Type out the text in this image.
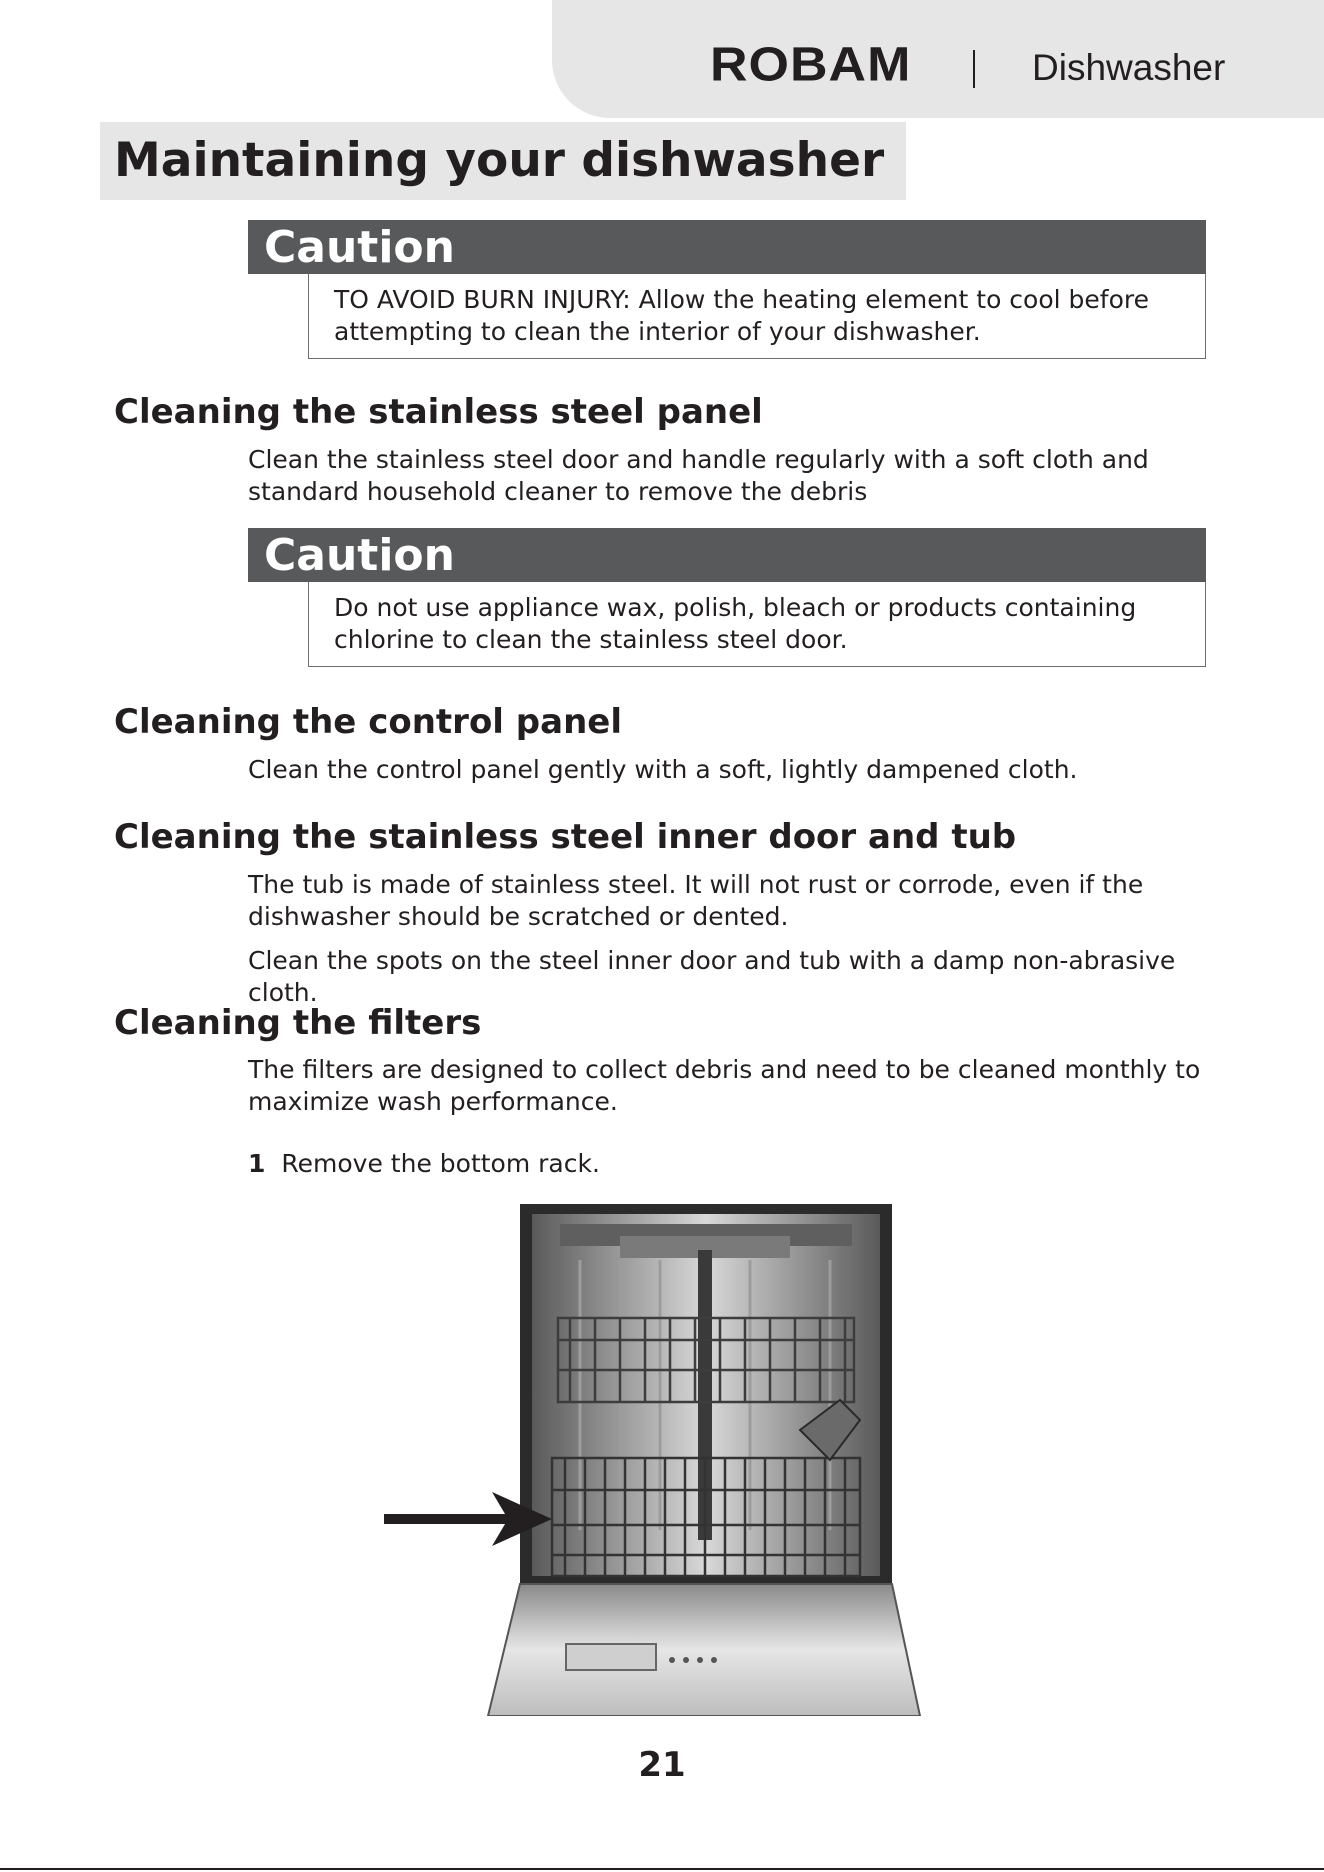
ROBAM	Dishwasher
Maintaining your dishwasher
Caution
TO AVOID BURN INJURY: Allow the heating element to cool before
attempting to clean the interior of your dishwasher.
Cleaning the stainless steel panel
Clean the stainless steel door and handle regularly with a soft cloth and
standard household cleaner to remove the debris
Caution
Do not use appliance wax, polish, bleach or products containing
chlorine to clean the stainless steel door.
Cleaning the control panel
Clean the control panel gently with a soft, lightly dampened cloth.
Cleaning the stainless steel inner door and tub
The tub is made of stainless steel. It will not rust or corrode, even if the
dishwasher should be scratched or dented.
Clean the spots on the steel inner door and tub with a damp non-abrasive cloth.
Cleaning the filters
The filters are designed to collect debris and need to be cleaned monthly to
maximize wash performance.

1 Remove the bottom rack.

21
